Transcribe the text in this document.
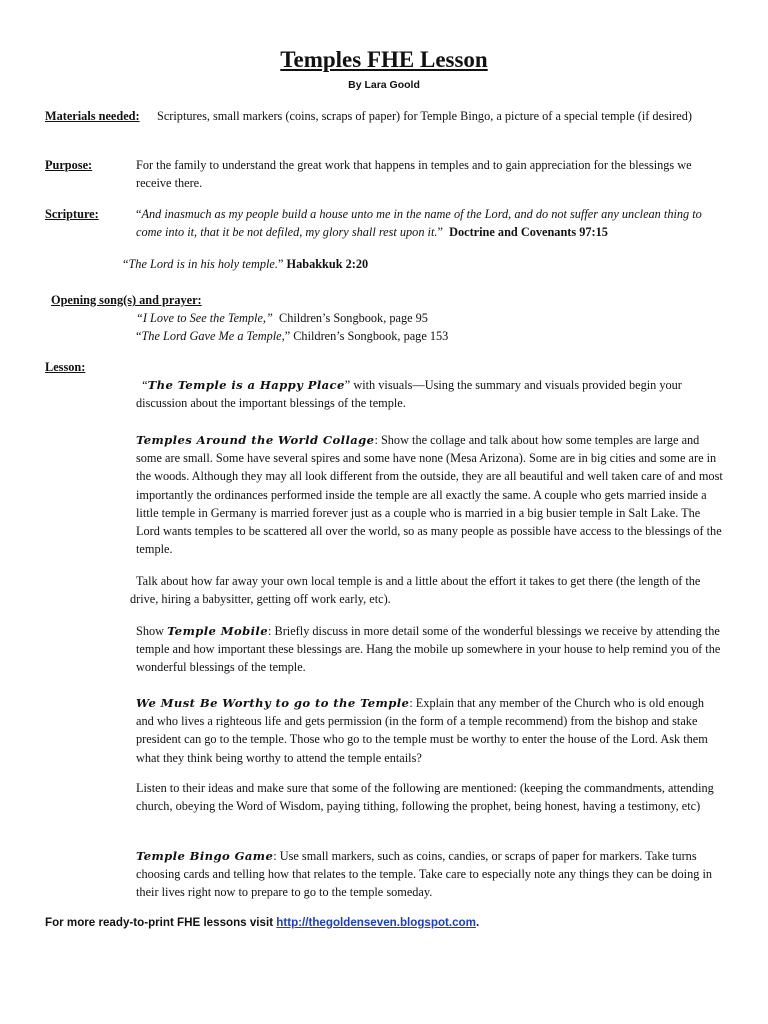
Temples FHE Lesson
By Lara Goold
Materials needed:	Scriptures, small markers (coins, scraps of paper) for Temple Bingo, a picture of a special temple (if desired)

Purpose:	For the family to understand the great work that happens in temples and to gain appreciation for the blessings we receive there.

Scripture:	“And inasmuch as my people build a house unto me in the name of the Lord, and do not suffer any unclean thing to come into it, that it be not defiled, my glory shall rest upon it.” Doctrine and Covenants 97:15

“The Lord is in his holy temple.” Habakkuk 2:20
Opening song(s) and prayer:
“I Love to See the Temple,” Children’s Songbook, page 95
“The Lord Gave Me a Temple,” Children’s Songbook, page 153
Lesson:

“The Temple is a Happy Place” with visuals—Using the summary and visuals provided begin your discussion about the important blessings of the temple.

Temples Around the World Collage: Show the collage and talk about how some temples are large and some are small. Some have several spires and some have none (Mesa Arizona). Some are in big cities and some are in the woods. Although they may all look different from the outside, they are all beautiful and well taken care of and most importantly the ordinances performed inside the temple are all exactly the same. A couple who gets married inside a little temple in Germany is married forever just as a couple who is married in a big busier temple in Salt Lake. The Lord wants temples to be scattered all over the world, so as many people as possible have access to the blessings of the temple.

Talk about how far away your own local temple is and a little about the effort it takes to get there (the length of the drive, hiring a babysitter, getting off work early, etc).

Show Temple Mobile: Briefly discuss in more detail some of the wonderful blessings we receive by attending the temple and how important these blessings are. Hang the mobile up somewhere in your house to help remind you of the wonderful blessings of the temple.

We Must Be Worthy to go to the Temple: Explain that any member of the Church who is old enough and who lives a righteous life and gets permission (in the form of a temple recommend) from the bishop and stake president can go to the temple. Those who go to the temple must be worthy to enter the house of the Lord. Ask them what they think being worthy to attend the temple entails?

Listen to their ideas and make sure that some of the following are mentioned: (keeping the commandments, attending church, obeying the Word of Wisdom, paying tithing, following the prophet, being honest, having a testimony, etc)

Temple Bingo Game: Use small markers, such as coins, candies, or scraps of paper for markers. Take turns choosing cards and telling how that relates to the temple. Take care to especially note any things they can be doing in their lives right now to prepare to go to the temple someday.

For more ready-to-print FHE lessons visit http://thegoldenseven.blogspot.com.
